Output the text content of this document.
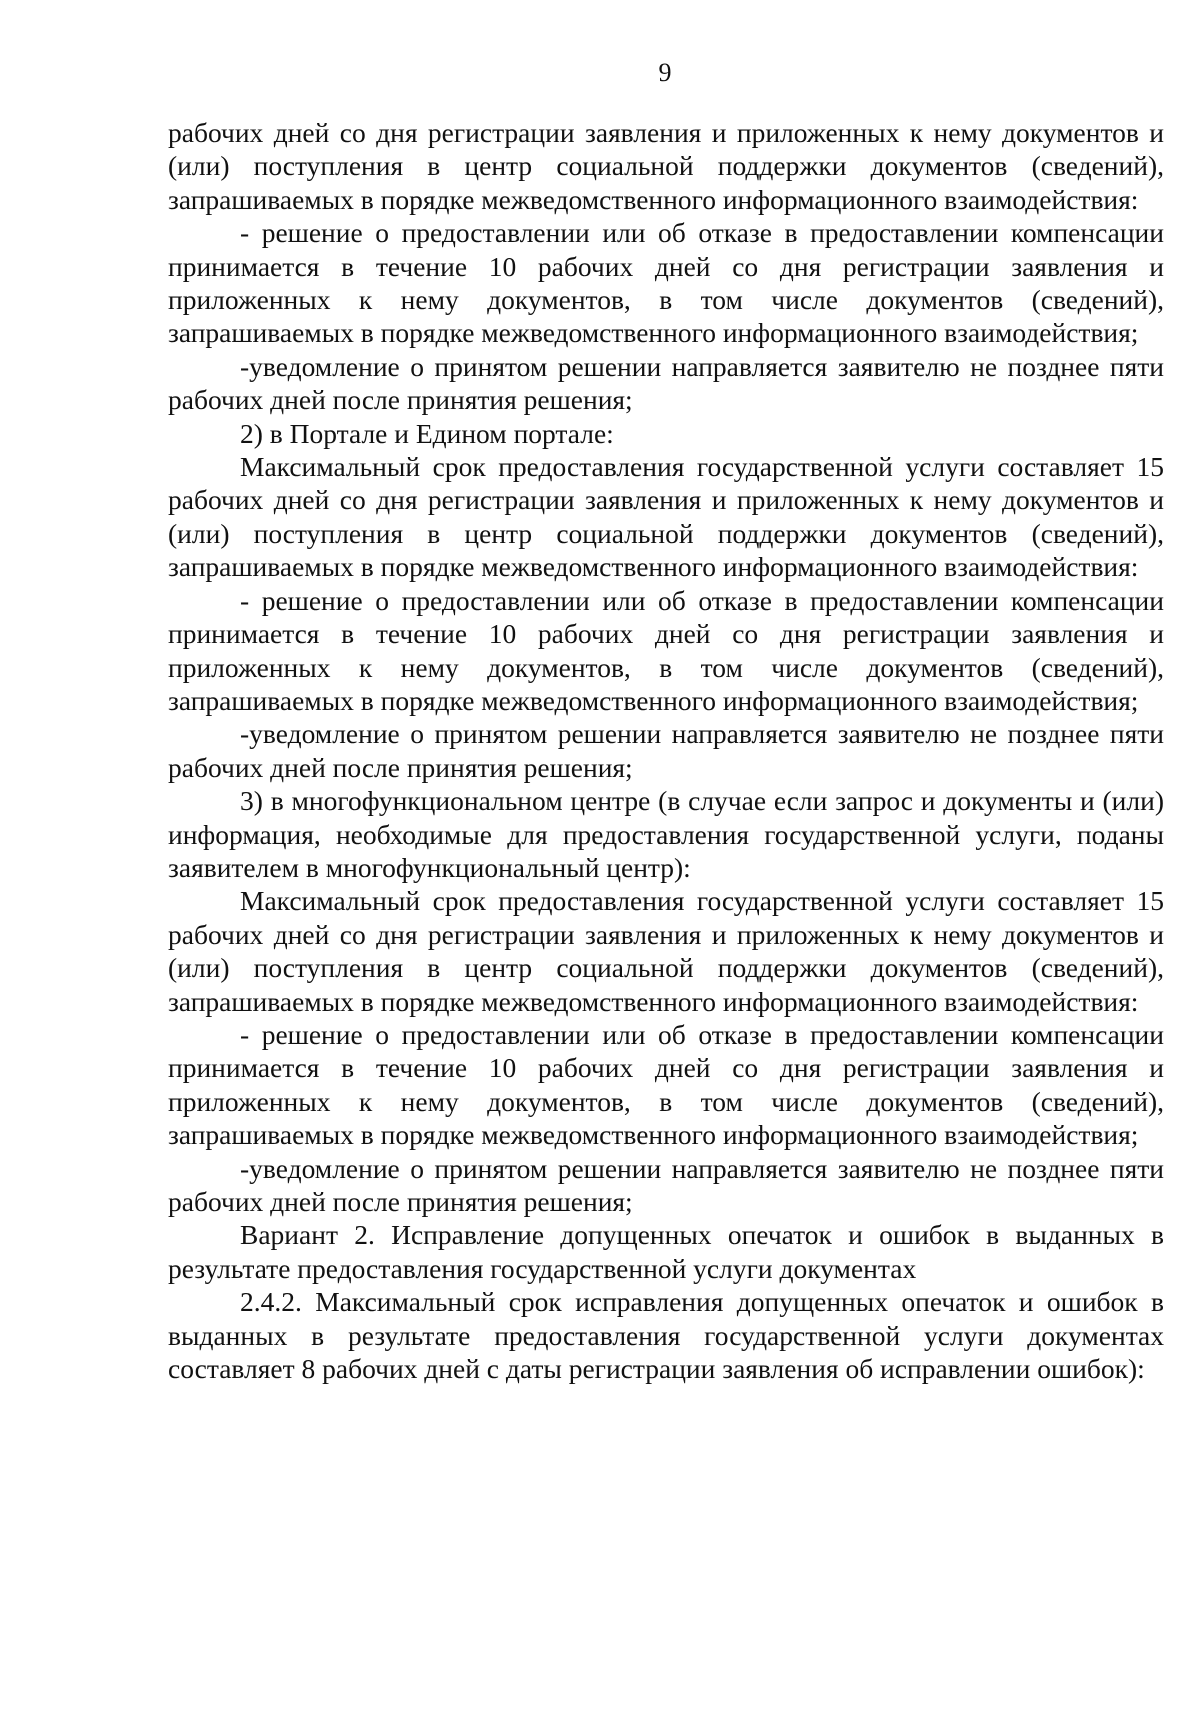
9

рабочих дней со дня регистрации заявления и приложенных к нему документов и (или) поступления в центр социальной поддержки документов (сведений), запрашиваемых в порядке межведомственного информационного взаимодействия:

- решение о предоставлении или об отказе в предоставлении компенсации принимается в течение 10 рабочих дней со дня регистрации заявления и приложенных к нему документов, в том числе документов (сведений), запрашиваемых в порядке межведомственного информационного взаимодействия;

-уведомление о принятом решении направляется заявителю не позднее пяти рабочих дней после принятия решения;

2) в Портале и Едином портале:

Максимальный срок предоставления государственной услуги составляет 15 рабочих дней со дня регистрации заявления и приложенных к нему документов и (или) поступления в центр социальной поддержки документов (сведений), запрашиваемых в порядке межведомственного информационного взаимодействия:

- решение о предоставлении или об отказе в предоставлении компенсации принимается в течение 10 рабочих дней со дня регистрации заявления и приложенных к нему документов, в том числе документов (сведений), запрашиваемых в порядке межведомственного информационного взаимодействия;

-уведомление о принятом решении направляется заявителю не позднее пяти рабочих дней после принятия решения;

3) в многофункциональном центре (в случае если запрос и документы и (или) информация, необходимые для предоставления государственной услуги, поданы заявителем в многофункциональный центр):

Максимальный срок предоставления государственной услуги составляет 15 рабочих дней со дня регистрации заявления и приложенных к нему документов и (или) поступления в центр социальной поддержки документов (сведений), запрашиваемых в порядке межведомственного информационного взаимодействия:

- решение о предоставлении или об отказе в предоставлении компенсации принимается в течение 10 рабочих дней со дня регистрации заявления и приложенных к нему документов, в том числе документов (сведений), запрашиваемых в порядке межведомственного информационного взаимодействия;

-уведомление о принятом решении направляется заявителю не позднее пяти рабочих дней после принятия решения;

Вариант 2. Исправление допущенных опечаток и ошибок в выданных в результате предоставления государственной услуги документах

2.4.2. Максимальный срок исправления допущенных опечаток и ошибок в выданных в результате предоставления государственной услуги документах составляет 8 рабочих дней с даты регистрации заявления об исправлении ошибок):
